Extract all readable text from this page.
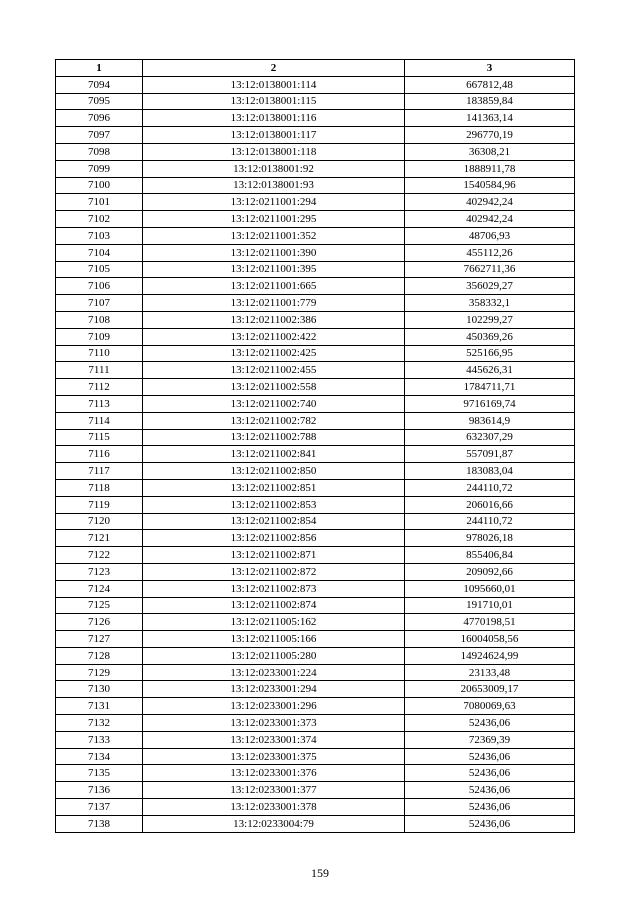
1	2	3
7094	13:12:0138001:114	667812,48
7095	13:12:0138001:115	183859,84
7096	13:12:0138001:116	141363,14
7097	13:12:0138001:117	296770,19
7098	13:12:0138001:118	36308,21
7099	13:12:0138001:92	1888911,78
7100	13:12:0138001:93	1540584,96
7101	13:12:0211001:294	402942,24
7102	13:12:0211001:295	402942,24
7103	13:12:0211001:352	48706,93
7104	13:12:0211001:390	455112,26
7105	13:12:0211001:395	7662711,36
7106	13:12:0211001:665	356029,27
7107	13:12:0211001:779	358332,1
7108	13:12:0211002:386	102299,27
7109	13:12:0211002:422	450369,26
7110	13:12:0211002:425	525166,95
7111	13:12:0211002:455	445626,31
7112	13:12:0211002:558	1784711,71
7113	13:12:0211002:740	9716169,74
7114	13:12:0211002:782	983614,9
7115	13:12:0211002:788	632307,29
7116	13:12:0211002:841	557091,87
7117	13:12:0211002:850	183083,04
7118	13:12:0211002:851	244110,72
7119	13:12:0211002:853	206016,66
7120	13:12:0211002:854	244110,72
7121	13:12:0211002:856	978026,18
7122	13:12:0211002:871	855406,84
7123	13:12:0211002:872	209092,66
7124	13:12:0211002:873	1095660,01
7125	13:12:0211002:874	191710,01
7126	13:12:0211005:162	4770198,51
7127	13:12:0211005:166	16004058,56
7128	13:12:0211005:280	14924624,99
7129	13:12:0233001:224	23133,48
7130	13:12:0233001:294	20653009,17
7131	13:12:0233001:296	7080069,63
7132	13:12:0233001:373	52436,06
7133	13:12:0233001:374	72369,39
7134	13:12:0233001:375	52436,06
7135	13:12:0233001:376	52436,06
7136	13:12:0233001:377	52436,06
7137	13:12:0233001:378	52436,06
7138	13:12:0233004:79	52436,06
159
